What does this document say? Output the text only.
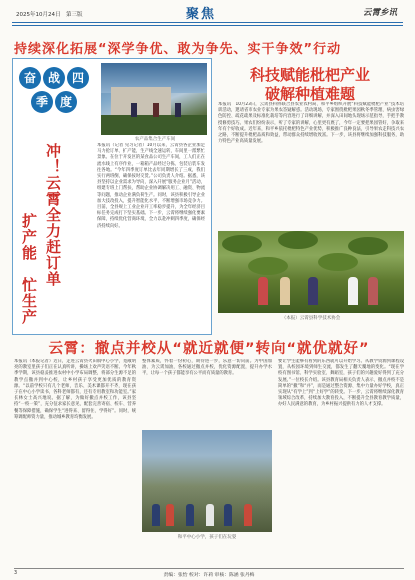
2025年10月24日　第三版	聚焦	云霄乡讯
持续深化拓展“深学争优、敢为争先、实干争效”行动
奋 战 四
季 度
农产品集合生产车间
冲！云霄全力赶订单
扩产能　忙生产
本报讯（记者 见习记者）10月以来，云霄县各企业加足马力抢订单、扩产能，生产线全速运转，车间里一派繁忙景象。在位于开发区的某食品公司生产车间，工人们正在流水线上有序作业，一箱箱产品经过分拣、包装后装车发往各地。“今年四季度订单比去年同期增长了三成，我们实行两班倒，确保按时交货。”公司负责人介绍。据悉，该县坚持以企业需求为导向，深入开展“服务企业月”活动，组建专班上门帮扶，帮助企业协调解决用工、融资、物流等问题，推动企业满负荷生产。同时，该县积极引导企业加大技改投入，提升智能化水平，不断增强市场竞争力。目前，全县规上工业企业开工率稳步提升，为全年经济目标任务完成打下坚实基础。下一步，云霄将继续强化要素保障，持续优化营商环境，全力以赴冲刺四季度，确保经济持续向好。
科技赋能枇杷产业
破解种植难题
本报讯　10月23日，云霄县科协联合县农业农村局、和平乡组织开展“科技赋能枇杷产业”技术培训活动，邀请省市农业专家为果农答疑解惑。活动现场，专家围绕枇杷果园秋冬季管理、病虫害绿色防控、疏花疏果及标准化栽培等内容进行了详细讲解，并深入田间地头现场示范指导，手把手教授修剪技巧。果农们纷纷表示，听了专家的讲解，心里更有底了，今年一定要把果园管好，争取来年有个好收成。近年来，和平乡依托枇杷特色产业优势，积极推广良种良法，引导果农走科技兴农之路，不断提升枇杷品质和效益，带动群众持续增收致富。下一步，该县将继续加强科技服务，助力特色产业高质量发展。
（本报）云霄县科学技术协会
云霄：撤点并校从“就近就便”转向“就优就好”
本报讯（本报记者）近日，走进云霄县火田镇中心小学，宽敞明亮的教室里孩子们正在认真听讲，操场上欢声笑语不断。今年秋季学期，该县稳妥推进农村中小学布局调整，将部分生源不足的教学点撤并到中心校，让乡村孩子享受更加优质的教育资源。“以前学校只有几个老师，音乐、美术课都开不齐，现在孩子在中心小学读书，各科老师都有，还有专用教室和功能室。”家长林女士高兴地说。据了解，为做好撤点并校工作，该县坚持“一校一策”，充分征求家长意见，配套完善寄宿、校车、营养餐等保障措施，确保学生“进得来、留得住、学得好”。同时，统筹调配师资力量，推动城乡教育均衡发展。
整体素质，怀着一份初心，期待进一步，乐意一切向前。为中国加油、为云霄加油，各校通过撤点并校，优化资源配置，提升办学水平，让每一个孩子都能享有公平而有质量的教育。
和平中心小学，孩子们在玩耍
要让学生能够有看到的东西就可以开始学习。从教学资源到课程设置，从校园环境到师生交流，都发生了翻天覆地的变化。“现在学校有图书馆、科学实验室、舞蹈室，孩子们的兴趣爱好得到了充分发展。”一位校长介绍。该县教育局相关负责人表示，撤点并校不是简单的“撤”和“并”，而是通过整合资源、集中力量办好学校，真正实现从“有学上”到“上好学”的转变。下一步，云霄将继续深化教育领域综合改革，持续加大教育投入，不断提升全县教育教学质量，办好人民满意的教育，为乡村振兴提供有力的人才支撑。
3	责编：张怡 校对：许莉 审核：陈涵 张丹梅
